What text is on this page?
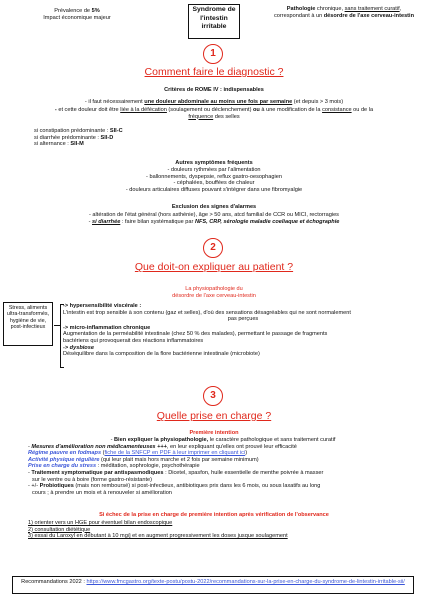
Prévalence de 5%
Impact économique majeur
Syndrome de l'intestin irritable
Pathologie chronique, sans traitement curatif, correspondant à un désordre de l'axe cerveau-intestin
1
Comment faire le diagnostic ?
Critères de ROME IV : indispensables
- il faut nécessairement une douleur abdominale au moins une fois par semaine (et depuis > 3 mois)
- et cette douleur doit être liée à la défécation (soulagement ou déclenchement) ou à une modification de la consistance ou de la
fréquence des selles
si constipation prédominante : SII-C
si diarrhée prédominante : SII-D
si alternance : SII-M
Autres symptômes fréquents
- douleurs rythmées par l'alimentation
- ballonnements, dyspepsie, reflux gastro-oesophagien
- céphalées, bouffées de chaleur
- douleurs articulaires diffuses pouvant s'intégrer dans une fibromyalgie
Exclusion des signes d'alarmes
- altération de l'état général (hors asthénie), âge > 50 ans, atcd familial de CCR ou MICI, rectorragies
- si diarrhée : faire bilan systématique par NFS, CRP, sérologie maladie coeliaque et échographie
2
Que doit-on expliquer au patient ?
La physiopathologie du
désordre de l'axe cerveau-intestin
Stress, aliments ultra-transformés, hygiène de vie, post-infectieux
-> hypersensibilité viscérale :
L'intestin est trop sensible à son contenu (gaz et selles), d'où des sensations désagréables qui ne sont normalement
pas perçues
-> micro-inflammation chronique
Augmentation de la perméabilité intestinale (chez 50 % des malades), permettant le passage de fragments
bactériens qui provoquerait des réactions inflammatoires
-> dysbiose
Déséquilibre dans la composition de la flore bactérienne intestinale (microbiote)
3
Quelle prise en charge ?
Première intention
- Bien expliquer la physiopathologie, le caractère pathologique et sans traitement curatif
- Mesures d'amélioration non médicamenteuses +++, en leur expliquant qu'elles ont prouvé leur efficacité
Régime pauvre en fodmaps (fiche de la SNFCP en PDF à leur imprimer en cliquant ici)
Activité physique régulière (qui leur plait mais hors marche et 2 fois par semaine minimum)
Prise en charge du stress : méditation, sophrologie, psychothérapie
- Traitement symptomatique par antispasmodiques : Dicetel, spasfon, huile essentielle de menthe poivrée à masser
sur le ventre ou à boire (forme gastro-résistante)
- +/- Probiotiques (mais non remboursé) si post-infectieux, antibiotiques prix dans les 6 mois, ou sous laxatifs au long
cours ; à prendre un mois et à renouveler si amélioration
Si échec de la prise en charge de première intention après vérification de l'observance
1) orienter vers un HGE pour éventuel bilan endoscopique
2) consultation diététique
3) essai du Laroxyl en débutant à 10 mg/j et en augment progressivement les doses jusque soulagement
Recommandations 2022 : https://www.fmcgastro.org/texte-postu/postu-2022/recommandations-sur-la-prise-en-charge-du-syndrome-de-lintestin-irritable-sii/
